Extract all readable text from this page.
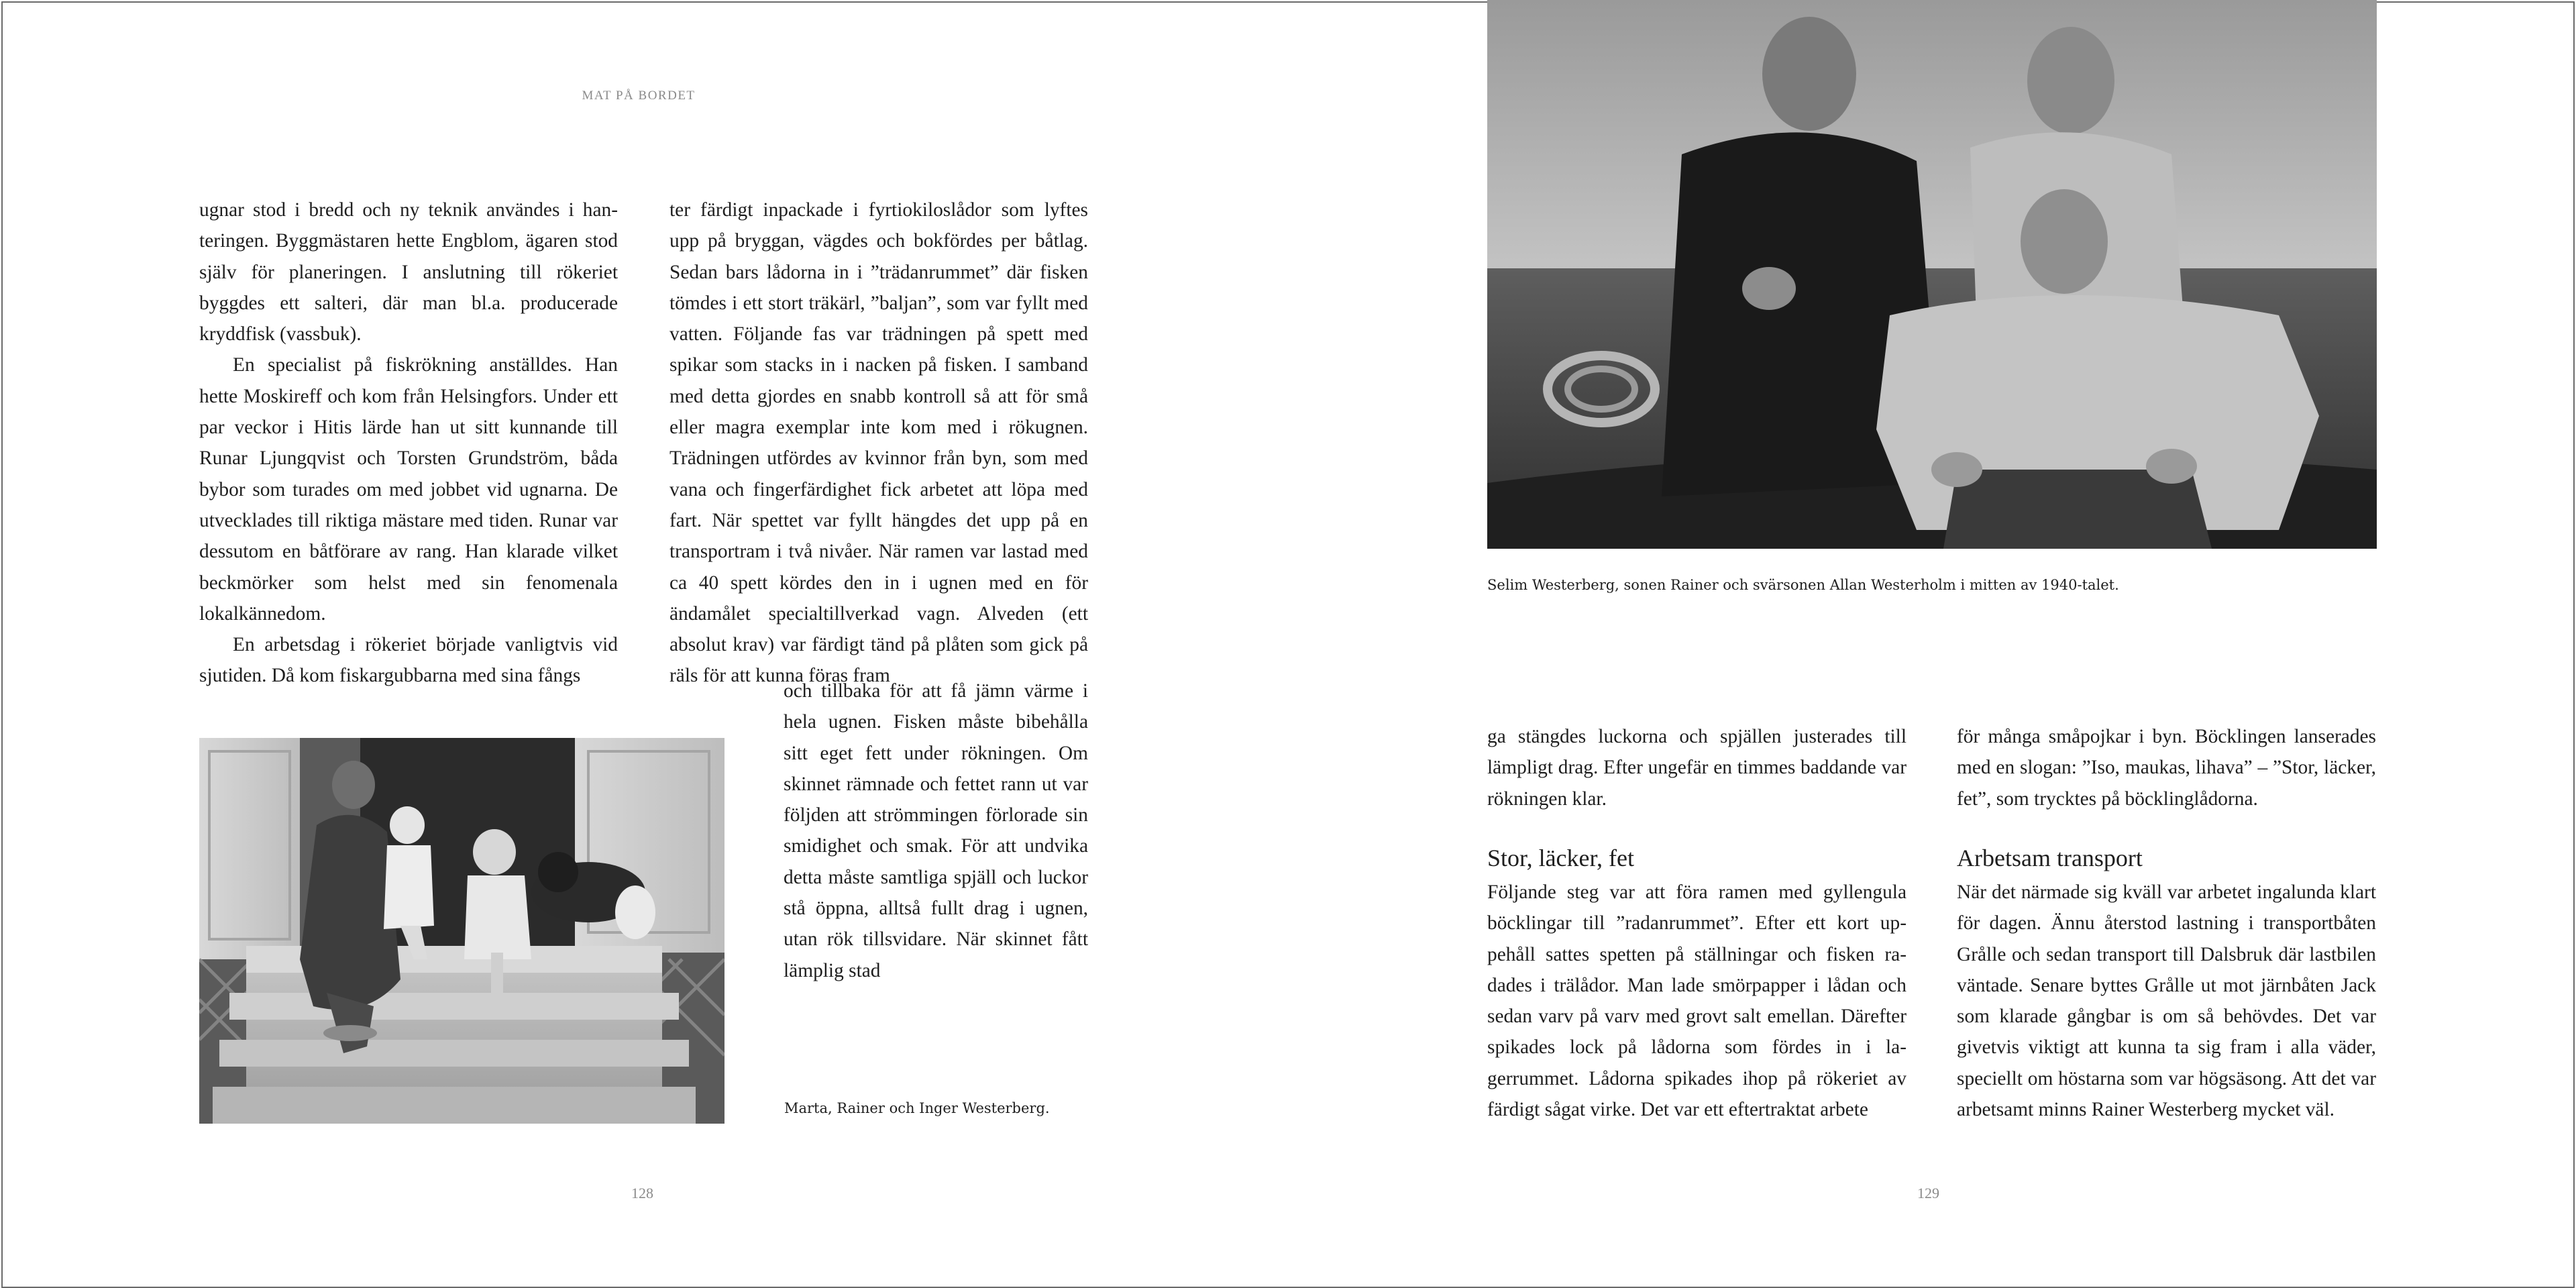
MAT PÅ BORDET

ugnar stod i bredd och ny teknik användes i hanteringen. Byggmästaren hette Engblom, ägaren stod själv för planeringen. I anslutning till rökeriet byggdes ett salteri, där man bl.a. producerade kryddfisk (vassbuk).

En specialist på fiskrökning anställdes. Han hette Moskireff och kom från Helsingfors. Under ett par veckor i Hitis lärde han ut sitt kunnande till Runar Ljungqvist och Torsten Grundström, båda bybor som turades om med jobbet vid ugnarna. De utvecklades till riktiga mästare med tiden. Runar var dessutom en båtförare av rang. Han klarade vilket beckmörker som helst med sin fenomenala lokalkännedom.

En arbetsdag i rökeriet började vanligtvis vid sjutiden. Då kom fiskargubbarna med sina fångs

ter färdigt inpackade i fyrtiokiloslådor som lyftes upp på bryggan, vägdes och bokfördes per båtlag. Sedan bars lådorna in i ”trädanrummet” där fisken tömdes i ett stort träkärl, ”baljan”, som var fyllt med vatten. Följande fas var trädningen på spett med spikar som stacks in i nacken på fisken. I samband med detta gjordes en snabb kontroll så att för små eller magra exemplar inte kom med i rökugnen. Trädningen utfördes av kvinnor från byn, som med vana och fingerfärdighet fick arbetet att löpa med fart. När spettet var fyllt hängdes det upp på en transportram i två nivåer. När ramen var lastad med ca 40 spett kördes den in i ugnen med en för ändamålet specialtillverkad vagn. Alveden (ett absolut krav) var färdigt tänd på plåten som gick på räls för att kunna föras fram

och tillbaka för att få jämn värme i hela ugnen. Fisken måste bibehålla sitt eget fett under rökningen. Om skinnet rämnade och fettet rann ut var följden att strömmingen förlorade sin smidighet och smak. För att undvika detta måste samtliga spjäll och luckor stå öppna, alltså fullt drag i ugnen, utan rök tillsvidare. När skinnet fått lämplig stad

Marta, Rainer och Inger Westerberg.
128
Selim Westerberg, sonen Rainer och svärsonen Allan Westerholm i mitten av 1940-talet.

ga stängdes luckorna och spjällen justerades till lämpligt drag. Efter ungefär en timmes baddande var rökningen klar.

Stor, läcker, fet

Följande steg var att föra ramen med gyllengula böcklingar till ”radanrummet”. Efter ett kort uppehåll sattes spetten på ställningar och fisken radades i trälådor. Man lade smörpapper i lådan och sedan varv på varv med grovt salt emellan. Därefter spikades lock på lådorna som fördes in i lagerrummet. Lådorna spikades ihop på rökeriet av färdigt sågat virke. Det var ett eftertraktat arbete

för många småpojkar i byn. Böcklingen lanserades med en slogan: ”Iso, maukas, lihava” – ”Stor, läcker, fet”, som trycktes på böcklinglådorna.

Arbetsam transport

När det närmade sig kväll var arbetet ingalunda klart för dagen. Ännu återstod lastning i transportbåten Grålle och sedan transport till Dalsbruk där lastbilen väntade. Senare byttes Grålle ut mot järnbåten Jack som klarade gångbar is om så behövdes. Det var givetvis viktigt att kunna ta sig fram i alla väder, speciellt om höstarna som var högsäsong. Att det var arbetsamt minns Rainer Westerberg mycket väl.

129
